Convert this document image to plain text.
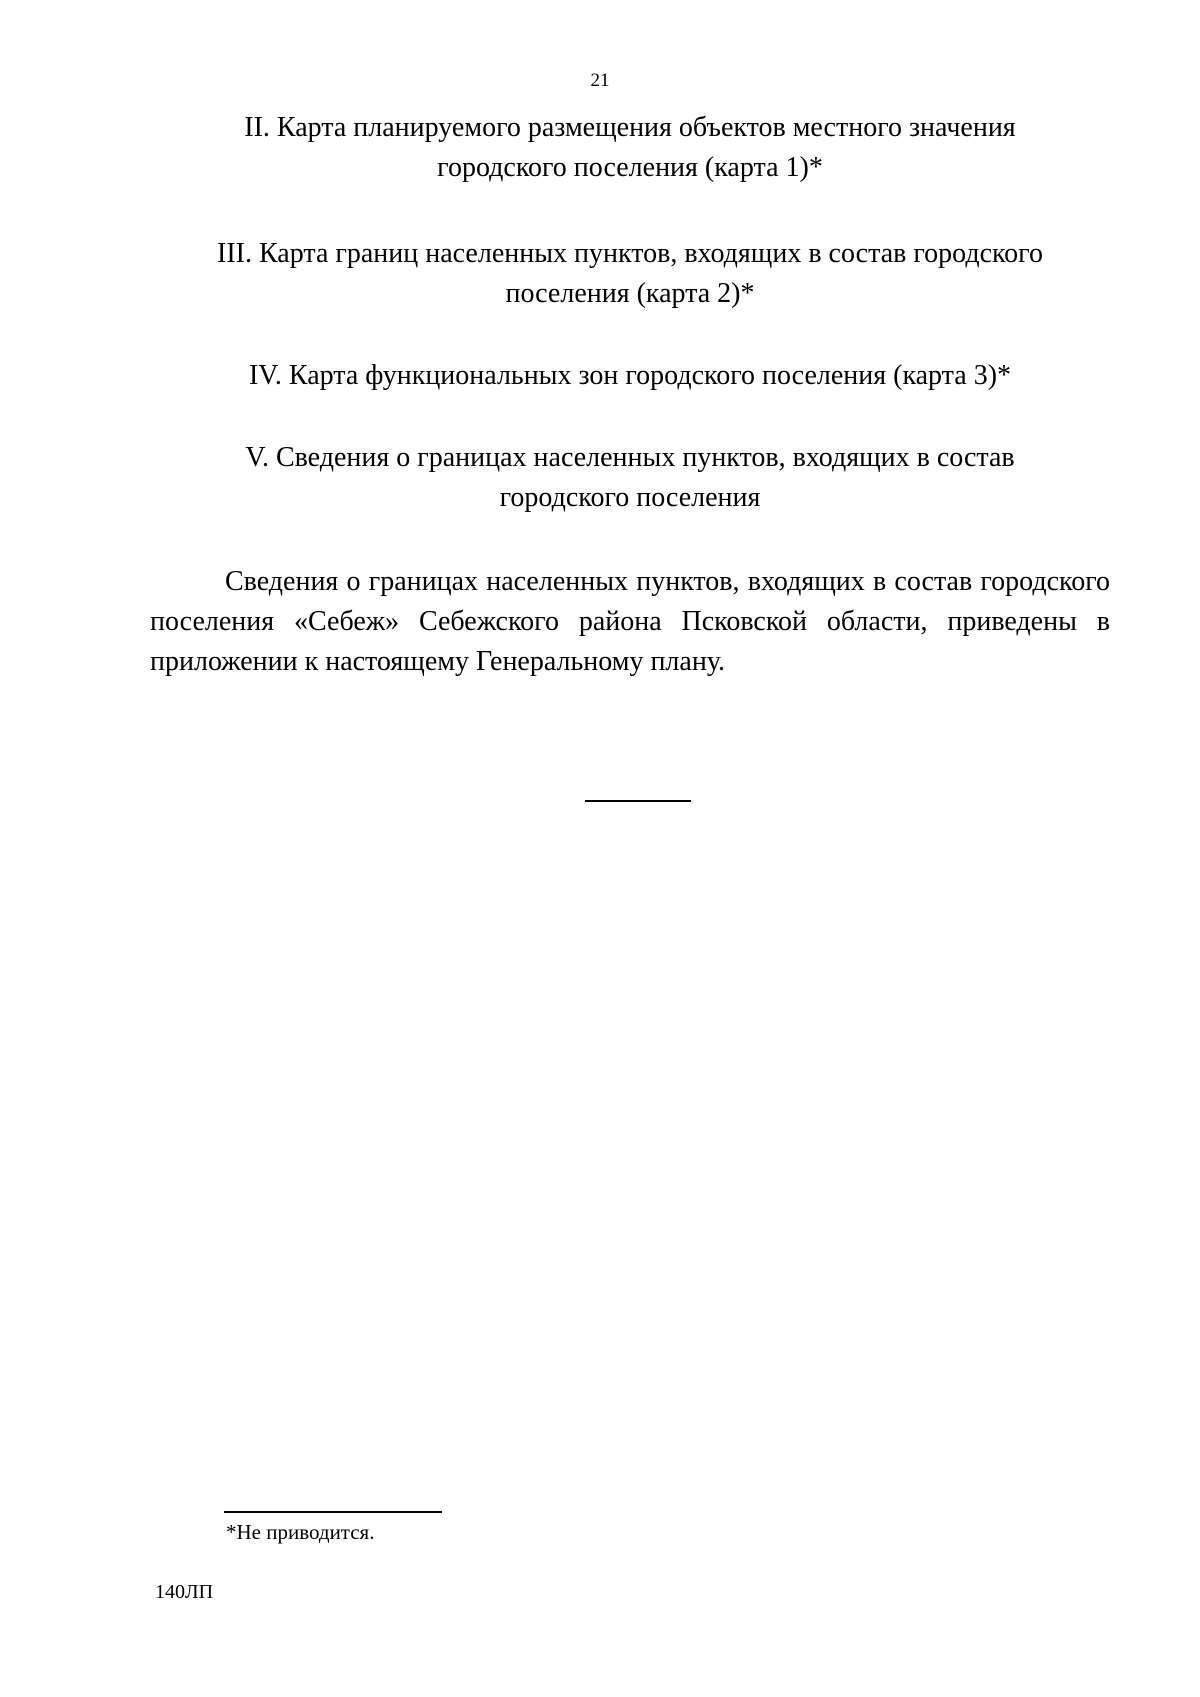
21
II. Карта планируемого размещения объектов местного значения
городского поселения (карта 1)*
III. Карта границ населенных пунктов, входящих в состав городского
поселения (карта 2)*
IV. Карта функциональных зон городского поселения (карта 3)*
V. Сведения о границах населенных пунктов, входящих в состав
городского поселения

Сведения о границах населенных пунктов, входящих в состав городского поселения «Себеж» Себежского района Псковской области, приведены в приложении к настоящему Генеральному плану.

*Не приводится.
140ЛП
